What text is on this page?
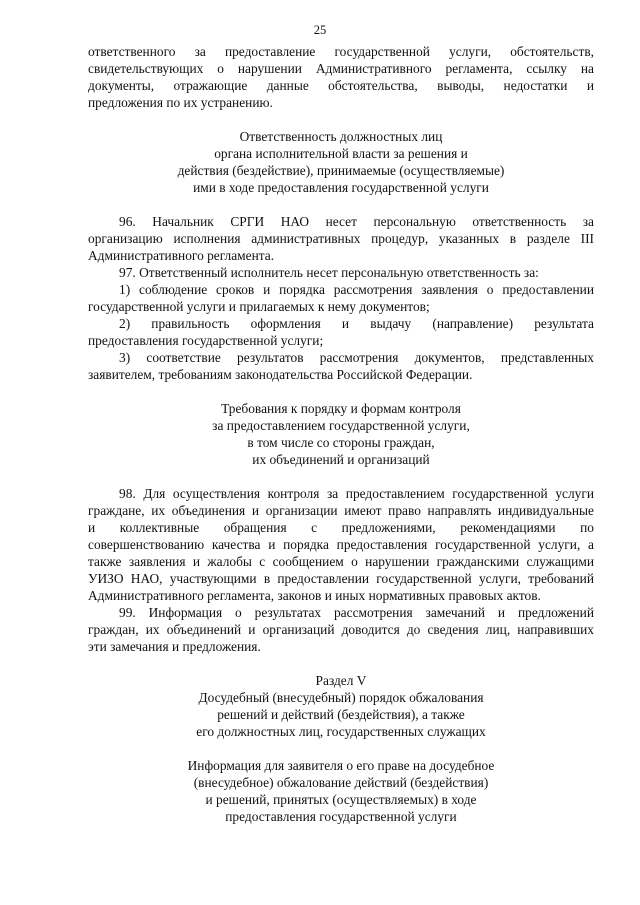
25
ответственного за предоставление государственной услуги, обстоятельств,
свидетельствующих о нарушении Административного регламента, ссылку на
документы, отражающие данные обстоятельства, выводы, недостатки и
предложения по их устранению.
Ответственность должностных лиц
органа исполнительной власти за решения и
действия (бездействие), принимаемые (осуществляемые)
ими в ходе предоставления государственной услуги
96. Начальник СРГИ НАО несет персональную ответственность за
организацию исполнения административных процедур, указанных в разделе III
Административного регламента.
97. Ответственный исполнитель несет персональную ответственность за:
1) соблюдение сроков и порядка рассмотрения заявления о предоставлении
государственной услуги и прилагаемых к нему документов;
2) правильность оформления и выдачу (направление) результата
предоставления государственной услуги;
3) соответствие результатов рассмотрения документов, представленных
заявителем, требованиям законодательства Российской Федерации.
Требования к порядку и формам контроля
за предоставлением государственной услуги,
в том числе со стороны граждан,
их объединений и организаций
98. Для осуществления контроля за предоставлением государственной услуги
граждане, их объединения и организации имеют право направлять индивидуальные
и коллективные обращения с предложениями, рекомендациями по
совершенствованию качества и порядка предоставления государственной услуги, а
также заявления и жалобы с сообщением о нарушении гражданскими служащими
УИЗО НАО, участвующими в предоставлении государственной услуги, требований
Административного регламента, законов и иных нормативных правовых актов.
99. Информация о результатах рассмотрения замечаний и предложений
граждан, их объединений и организаций доводится до сведения лиц, направивших
эти замечания и предложения.
Раздел V
Досудебный (внесудебный) порядок обжалования
решений и действий (бездействия), а также
его должностных лиц, государственных служащих
Информация для заявителя о его праве на досудебное
(внесудебное) обжалование действий (бездействия)
и решений, принятых (осуществляемых) в ходе
предоставления государственной услуги
